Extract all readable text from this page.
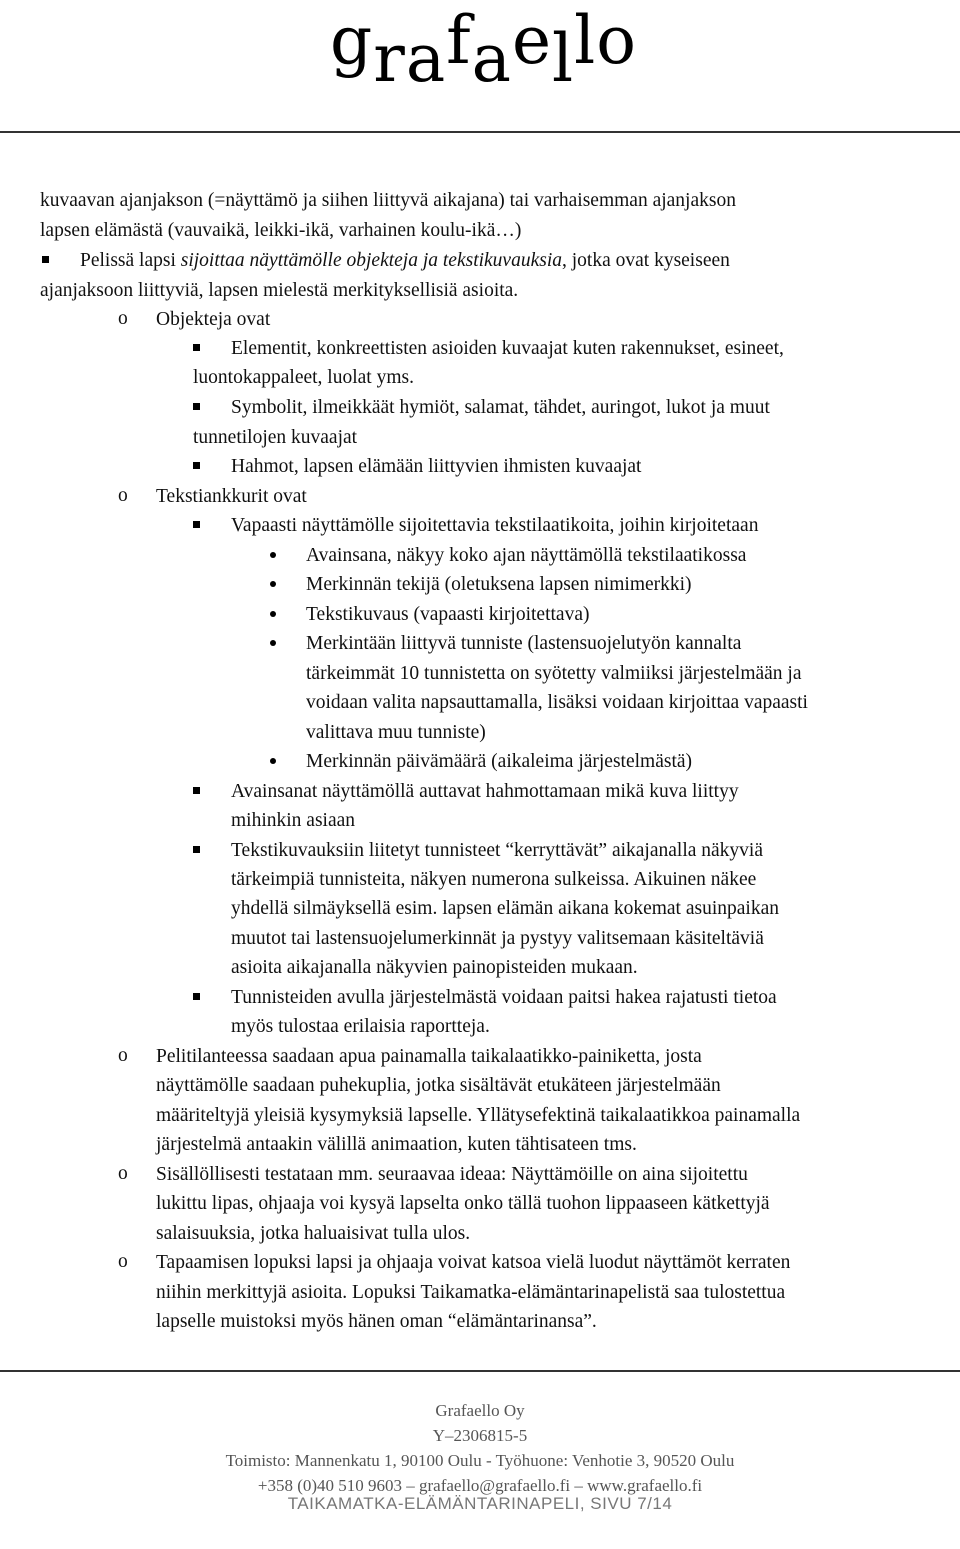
grafaello
kuvaavan ajanjakson (=näyttämö ja siihen liittyvä aikajana) tai varhaisemman ajanjakson
lapsen elämästä (vauvaikä, leikki-ikä, varhainen koulu-ikä…)
Pelissä lapsi sijoittaa näyttämölle objekteja ja tekstikuvauksia, jotka ovat kyseiseen
ajanjaksoon liittyviä, lapsen mielestä merkityksellisiä asioita.
o Objekteja ovat
Elementit, konkreettisten asioiden kuvaajat kuten rakennukset, esineet,
luontokappaleet, luolat yms.
Symbolit, ilmeikkäät hymiöt, salamat, tähdet, auringot, lukot ja muut
tunnetilojen kuvaajat
Hahmot, lapsen elämään liittyvien ihmisten kuvaajat
o Tekstiankkurit ovat
Vapaasti näyttämölle sijoitettavia tekstilaatikoita, joihin kirjoitetaan
Avainsana, näkyy koko ajan näyttämöllä tekstilaatikossa
Merkinnän tekijä (oletuksena lapsen nimimerkki)
Tekstikuvaus (vapaasti kirjoitettava)
Merkintään liittyvä tunniste (lastensuojelutyön kannalta
tärkeimmät 10 tunnistetta on syötetty valmiiksi järjestelmään ja
voidaan valita napsauttamalla, lisäksi voidaan kirjoittaa vapaasti
valittava muu tunniste)
Merkinnän päivämäärä (aikaleima järjestelmästä)
Avainsanat näyttämöllä auttavat hahmottamaan mikä kuva liittyy
mihinkin asiaan
Tekstikuvauksiin liitetyt tunnisteet “kerryttävät” aikajanalla näkyviä
tärkeimpiä tunnisteita, näkyen numerona sulkeissa. Aikuinen näkee
yhdellä silmäyksellä esim. lapsen elämän aikana kokemat asuinpaikan
muutot tai lastensuojelumerkinnät ja pystyy valitsemaan käsiteltäviä
asioita aikajanalla näkyvien painopisteiden mukaan.
Tunnisteiden avulla järjestelmästä voidaan paitsi hakea rajatusti tietoa
myös tulostaa erilaisia raportteja.
o Pelitilanteessa saadaan apua painamalla taikalaatikko-painiketta, josta
näyttämölle saadaan puhekuplia, jotka sisältävät etukäteen järjestelmään
määriteltyjä yleisiä kysymyksiä lapselle. Yllätysefektinä taikalaatikkoa painamalla
järjestelmä antaakin välillä animaation, kuten tähtisateen tms.
o Sisällöllisesti testataan mm. seuraavaa ideaa: Näyttämöille on aina sijoitettu
lukittu lipas, ohjaaja voi kysyä lapselta onko tällä tuohon lippaaseen kätkettyjä
salaisuuksia, jotka haluaisivat tulla ulos.
o Tapaamisen lopuksi lapsi ja ohjaaja voivat katsoa vielä luodut näyttämöt kerraten
niihin merkittyjä asioita. Lopuksi Taikamatka-elämäntarinapelistä saa tulostettua
lapselle muistoksi myös hänen oman “elämäntarinansa”.
Grafaello Oy
Y–2306815-5
Toimisto: Mannenkatu 1, 90100 Oulu - Työhuone: Venhotie 3, 90520 Oulu
+358 (0)40 510 9603 – grafaello@grafaello.fi – www.grafaello.fi
TAIKAMATKA-ELÄMÄNTARINAPELI, SIVU 7/14
